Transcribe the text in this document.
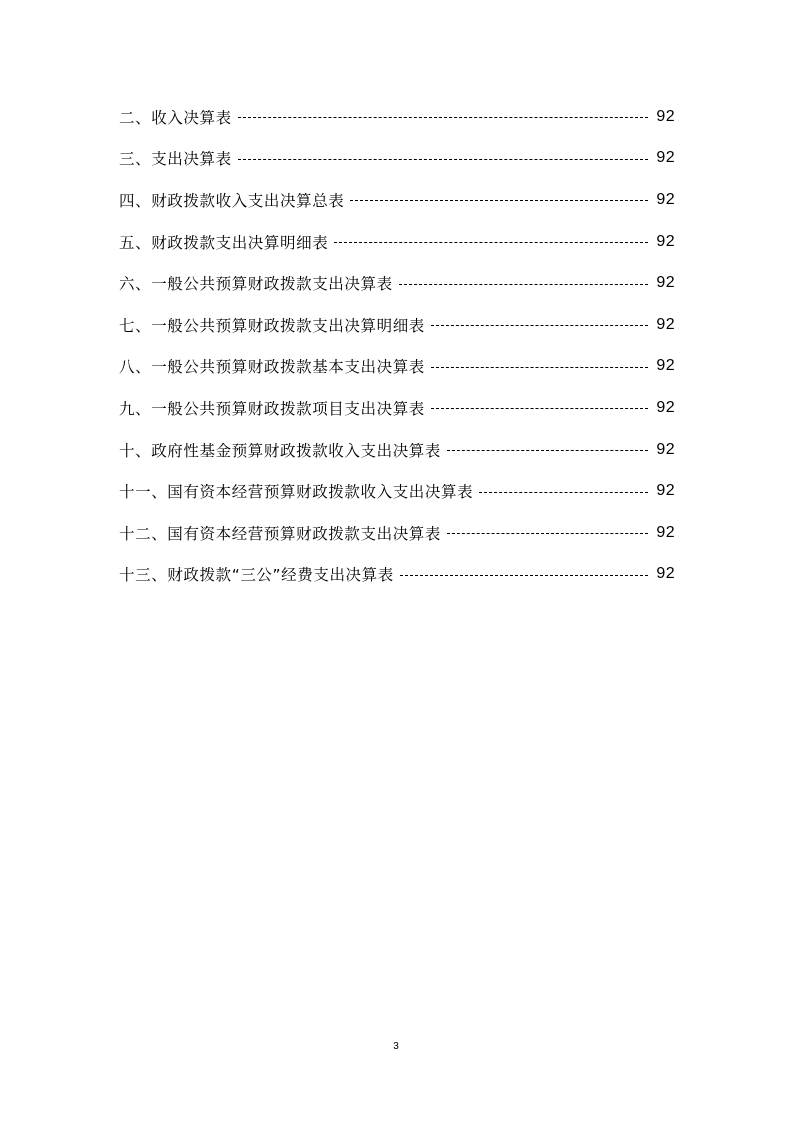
二、收入决算表	92
三、支出决算表	92
四、财政拨款收入支出决算总表	92
五、财政拨款支出决算明细表	92
六、一般公共预算财政拨款支出决算表	92
七、一般公共预算财政拨款支出决算明细表	92
八、一般公共预算财政拨款基本支出决算表	92
九、一般公共预算财政拨款项目支出决算表	92
十、政府性基金预算财政拨款收入支出决算表	92
十一、国有资本经营预算财政拨款收入支出决算表	92
十二、国有资本经营预算财政拨款支出决算表	92
十三、财政拨款“三公”经费支出决算表	92
3
